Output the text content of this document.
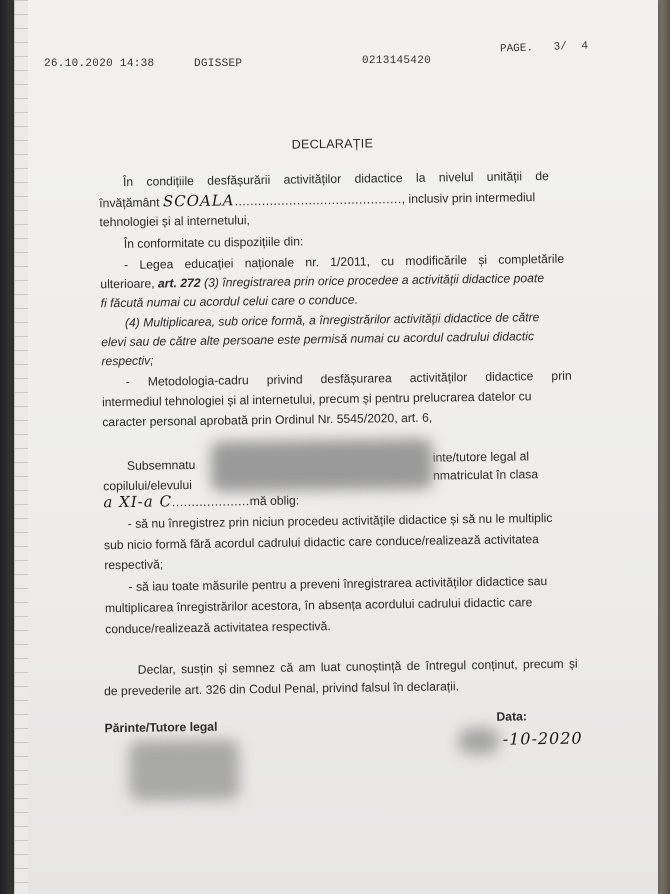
26.10.2020 14:38	DGISSEP	0213145420
PAGE. 3/ 4
DECLARAȚIE
În condițiile desfășurării activităților didactice la nivelul unității de
învățământ SCOALA..........................................., inclusiv prin intermediul
tehnologiei și al internetului,
În conformitate cu dispozițiile din:
- Legea educației naționale nr. 1/2011, cu modificările și completările
ulterioare, art. 272 (3) înregistrarea prin orice procedee a activității didactice poate
fi făcută numai cu acordul celui care o conduce.
(4) Multiplicarea, sub orice formă, a înregistrărilor activității didactice de către
elevi sau de către alte persoane este permisă numai cu acordul cadrului didactic
respectiv;
- Metodologia-cadru privind desfășurarea activităților didactice prin
intermediul tehnologiei și al internetului, precum și pentru prelucrarea datelor cu
caracter personal aprobată prin Ordinul Nr. 5545/2020, art. 6,
Subsemnatu
inte/tutore legal al
copilului/elevului
nmatriculat în clasa
a XI-a C....................mă oblig:
- să nu înregistrez prin niciun procedeu activitățile didactice și să nu le multiplic
sub nicio formă fără acordul cadrului didactic care conduce/realizează activitatea
respectivă;
- să iau toate măsurile pentru a preveni înregistrarea activităților didactice sau
multiplicarea înregistrărilor acestora, în absența acordului cadrului didactic care
conduce/realizează activitatea respectivă.
Declar, susțin și semnez că am luat cunoștință de întregul conținut, precum și
de prevederile art. 326 din Codul Penal, privind falsul în declarații.
Părinte/Tutore legal
Data:
-10-2020
